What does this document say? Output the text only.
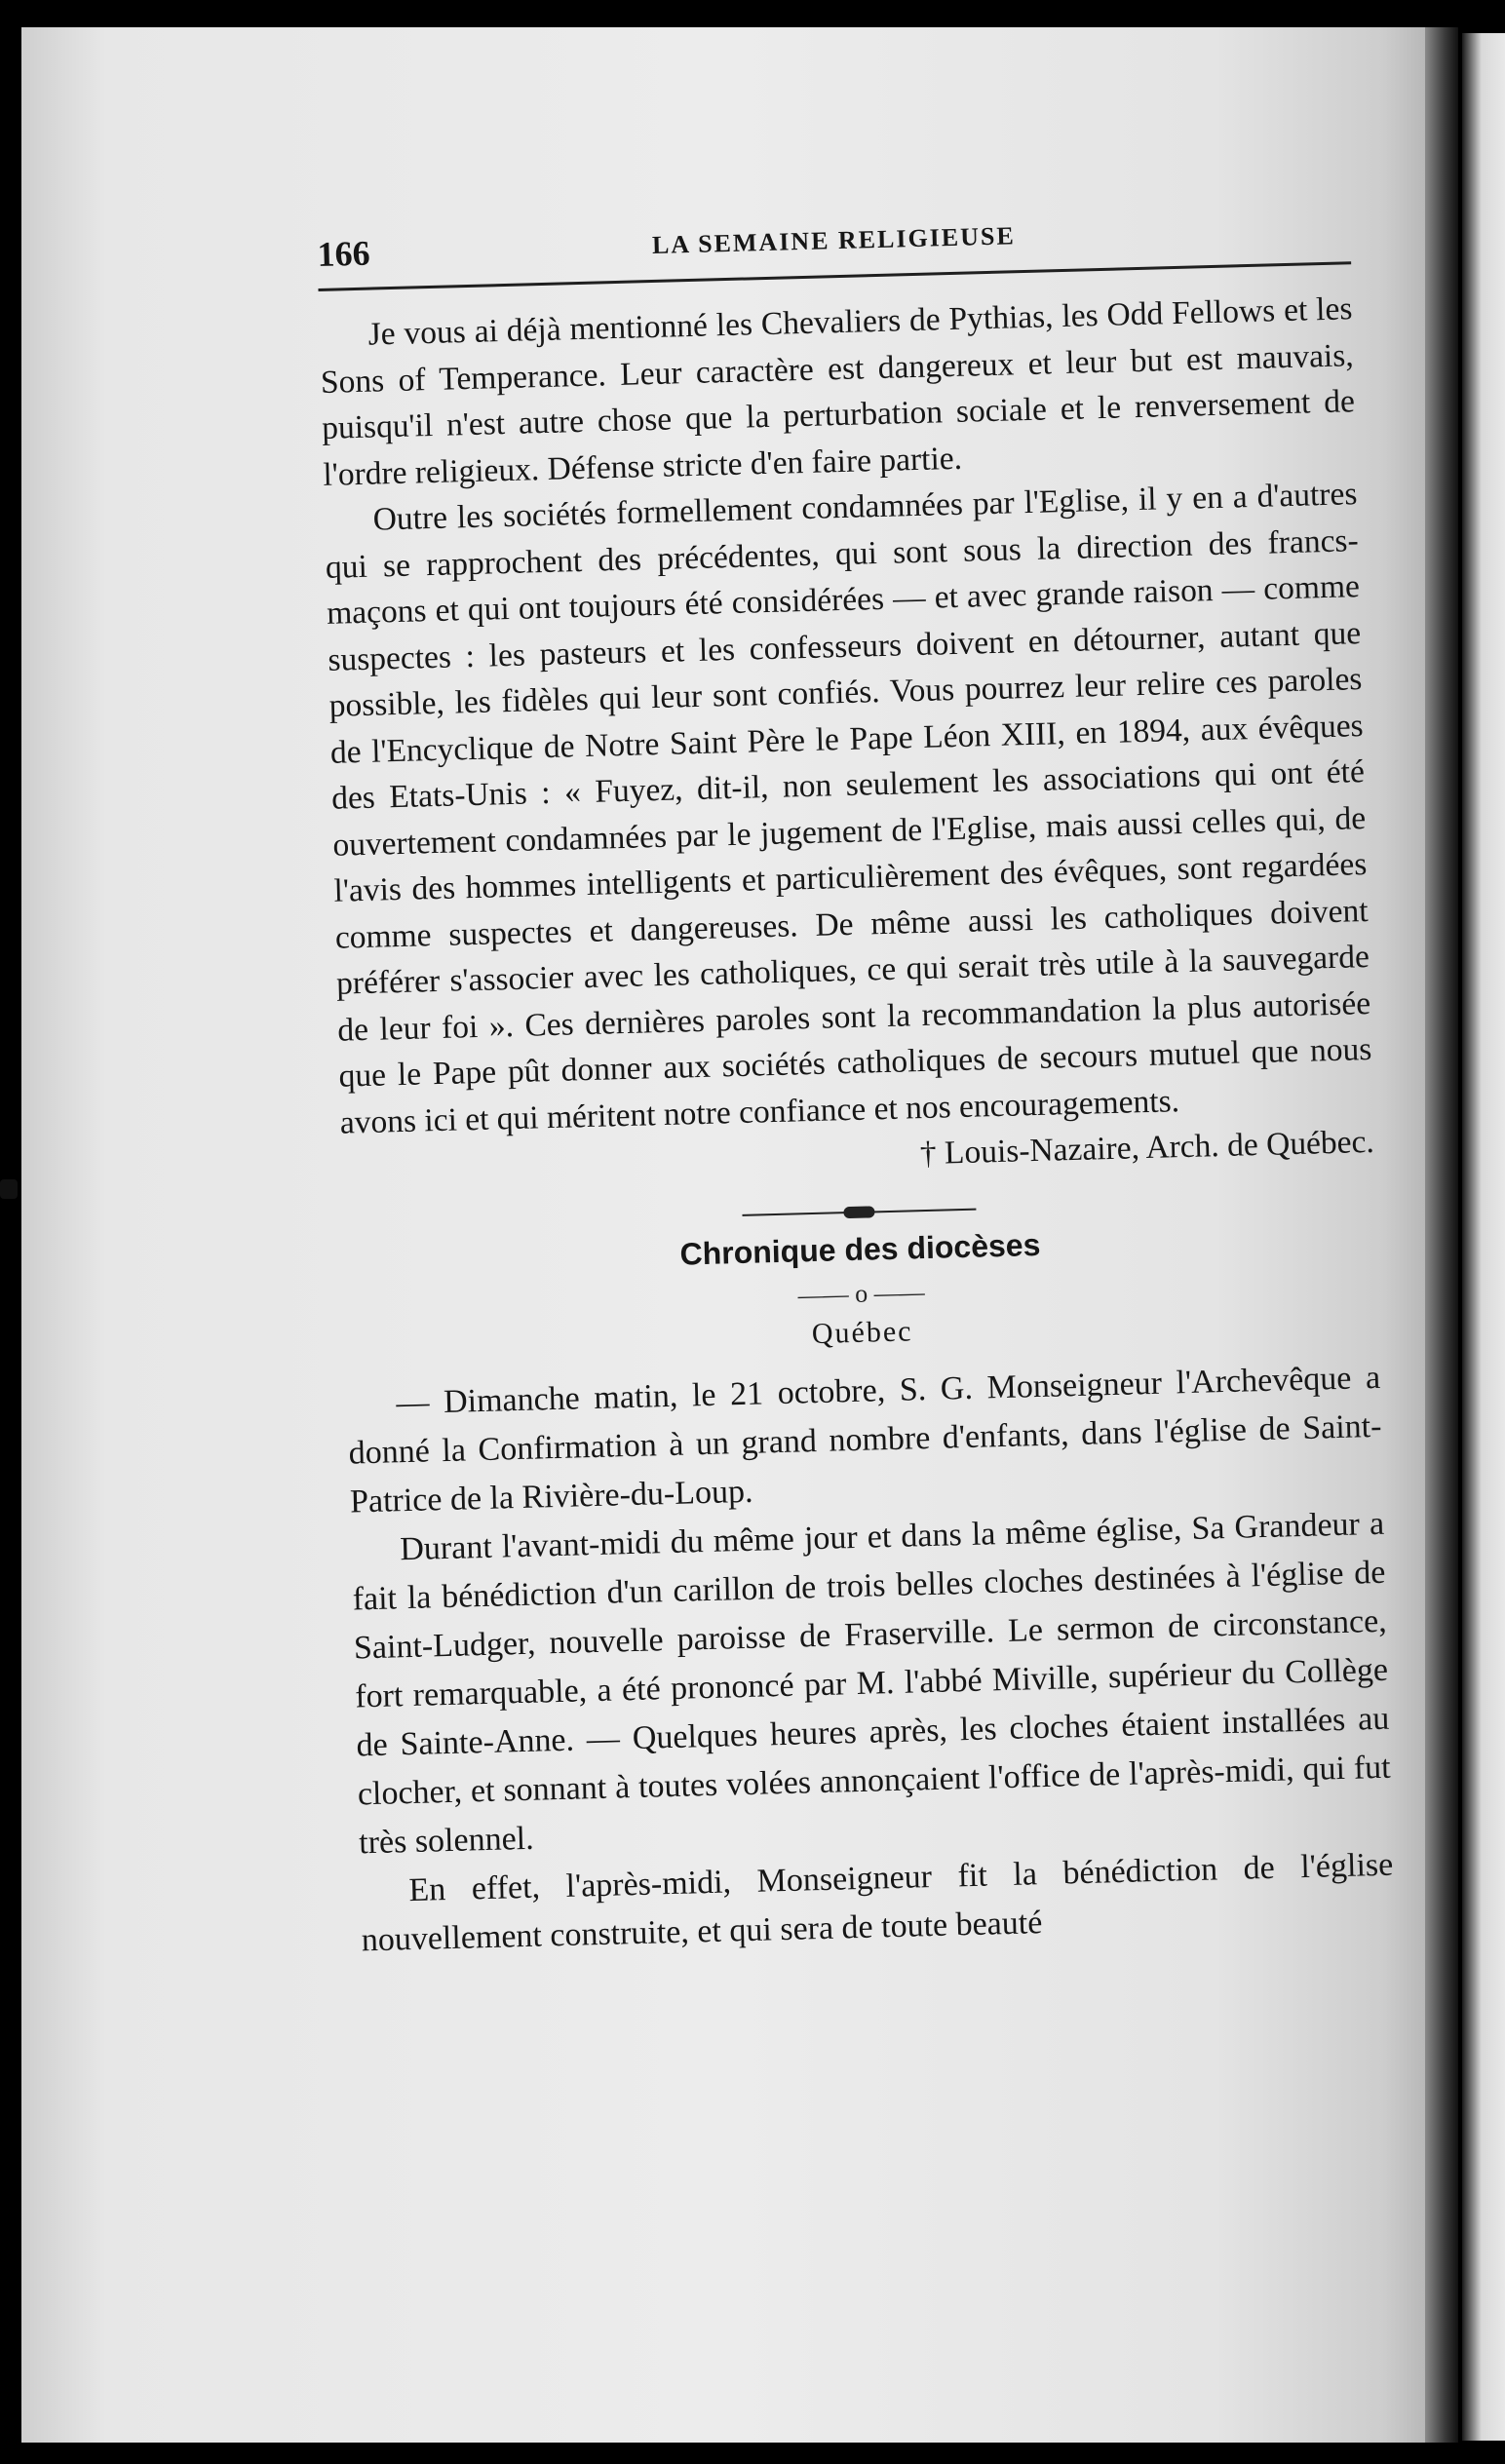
166	LA SEMAINE RELIGIEUSE

Je vous ai déjà mentionné les Chevaliers de Pythias, les Odd Fellows et les Sons of Temperance. Leur caractère est dangereux et leur but est mauvais, puisqu'il n'est autre chose que la perturbation sociale et le renversement de l'ordre religieux. Défense stricte d'en faire partie.

Outre les sociétés formellement condamnées par l'Eglise, il y en a d'autres qui se rapprochent des précédentes, qui sont sous la direction des francs-maçons et qui ont toujours été considérées — et avec grande raison — comme suspectes : les pasteurs et les confesseurs doivent en détourner, autant que possible, les fidèles qui leur sont confiés. Vous pourrez leur relire ces paroles de l'Encyclique de Notre Saint Père le Pape Léon XIII, en 1894, aux évêques des Etats-Unis : « Fuyez, dit-il, non seulement les associations qui ont été ouvertement condamnées par le jugement de l'Eglise, mais aussi celles qui, de l'avis des hommes intelligents et particulièrement des évêques, sont regardées comme suspectes et dangereuses. De même aussi les catholiques doivent préférer s'associer avec les catholiques, ce qui serait très utile à la sauvegarde de leur foi ». Ces dernières paroles sont la recommandation la plus autorisée que le Pape pût donner aux sociétés catholiques de secours mutuel que nous avons ici et qui méritent notre confiance et nos encouragements.

† Louis-Nazaire, Arch. de Québec.
Chronique des diocèses
—— o ——
Québec

— Dimanche matin, le 21 octobre, S. G. Monseigneur l'Archevêque a donné la Confirmation à un grand nombre d'enfants, dans l'église de Saint-Patrice de la Rivière-du-Loup.

Durant l'avant-midi du même jour et dans la même église, Sa Grandeur a fait la bénédiction d'un carillon de trois belles cloches destinées à l'église de Saint-Ludger, nouvelle paroisse de Fraserville. Le sermon de circonstance, fort remarquable, a été prononcé par M. l'abbé Miville, supérieur du Collège de Sainte-Anne. — Quelques heures après, les cloches étaient installées au clocher, et sonnant à toutes volées annonçaient l'office de l'après-midi, qui fut très solennel.

En effet, l'après-midi, Monseigneur fit la bénédiction de l'église nouvellement construite, et qui sera de toute beauté
